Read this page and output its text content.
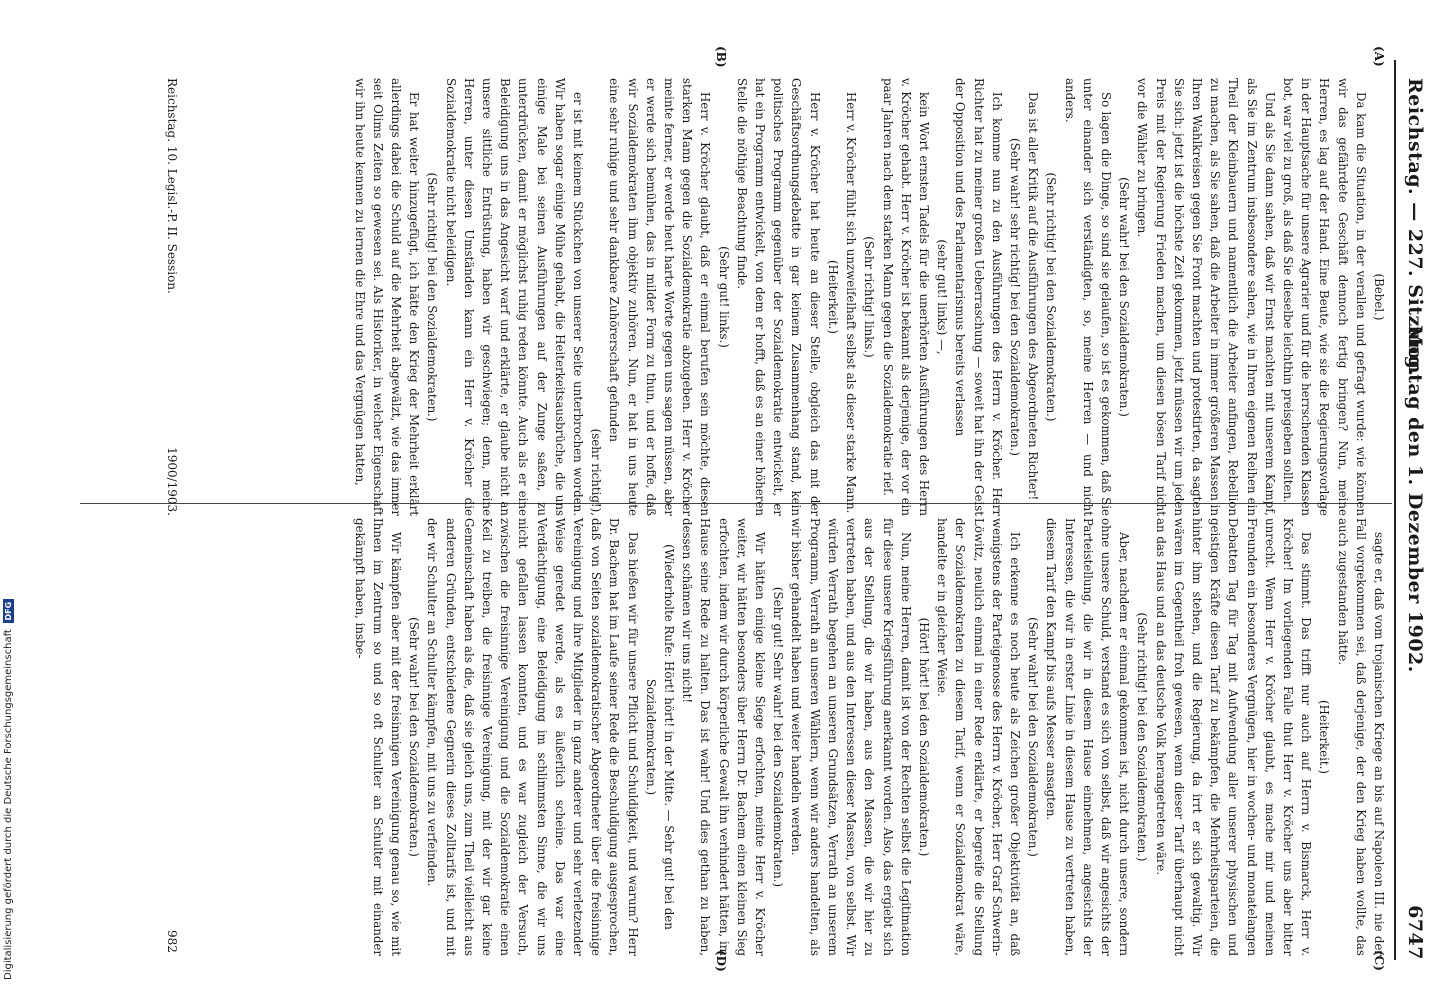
Reichstag. — 227. Sitzung.
Montag den 1. Dezember 1902.
6747
(A)
(B)
(C)
(D)

(Bebel.)

Da kam die Situation, in der verallen und gefragt wurde: wie können wir das gefährdete Geschäft dennoch fertig bringen? Nun, meine Herren, es lag auf der Hand. Eine Beute, wie sie die Regierungsvorlage in der Hauptsache für unsere Agrarier und für die herrschenden Klassen bot, war viel zu groß, als daß Sie dieselbe leichthin preisgeben sollten.

Und als Sie dann sahen, daß wir Ernst machten mit unserem Kampf, als Sie im Zentrum insbesondere sahen, wie in Ihren eigenen Reihen ein Theil der Kleinbauern und namentlich die Arbeiter anfingen, Rebellion zu machen, als Sie sahen, daß die Arbeiter in immer größeren Massen in Ihren Wahlkreisen gegen Sie Front machten und protestirten, da sagten Sie sich: jetzt ist die höchste Zeit gekommen, jetzt müssen wir um jeden Preis mit der Regierung Frieden machen, um diesen bösen Tarif nicht vor die Wähler zu bringen.

(Sehr wahr! bei den Sozialdemokraten.)

So lagen die Dinge, so sind sie gelaufen, so ist es gekommen, daß Sie unter einander sich verständigten, so, meine Herren — und nicht anders.

(Sehr richtig! bei den Sozialdemokraten.)

Das ist aller Kritik auf die Ausführungen des Abgeordneten Richter!

(Sehr wahr! sehr richtig! bei den Sozialdemokraten.)

Ich komme nun zu den Ausführungen des Herrn v. Kröcher. Herr Richter hat zu meiner großen Ueberraschung — soweit hat ihn der Geist der Opposition und des Parlamentarismus bereits verlassen

(sehr gut! links) —,

kein Wort ernsten Tadels für die unerhörten Ausführungen des Herrn v. Kröcher gehabt. Herr v. Kröcher ist bekannt als derjenige, der vor ein paar Jahren nach dem starken Mann gegen die Sozialdemokratie rief.

(Sehr richtig! links.)

Herr v. Kröcher fühlt sich unzweifelhaft selbst als dieser starke Mann.

(Heiterkeit.)

Herr v. Kröcher hat heute an dieser Stelle, obgleich das mit der Geschäftsordnungsdebatte in gar keinem Zusammenhang stand, kein politisches Programm gegenüber der Sozialdemokratie entwickelt, er hat ein Programm entwickelt, von dem er hofft, daß es an einer höheren Stelle die nöthige Beachtung finde.

(Sehr gut! links.)

Herr v. Kröcher glaubt, daß er einmal berufen sein möchte, diesen starken Mann gegen die Sozialdemokratie abzugeben. Herr v. Kröcher meinte ferner, er werde heut harte Worte gegen uns sagen müssen, aber er werde sich bemühen, das in milder Form zu thun, und er hoffe, daß wir Sozialdemokraten ihm objektiv zuhören. Nun, er hat in uns heute eine sehr ruhige und sehr dankbare Zuhörerschaft gefunden

(sehr richtig!),

er ist mit keinem Stückchen von unserer Seite unterbrochen worden. Wir haben sogar einige Mühe gehabt, die Heiterkeitsausbrüche, die uns einige Male bei seinen Ausführungen auf der Zunge saßen, zu unterdrücken, damit er möglichst ruhig reden könnte. Auch als er eine Beleidigung uns in das Angesicht warf und erklärte, er glaube nicht an unsere sittliche Entrüstung, haben wir geschwiegen; denn, meine Herren, unter diesen Umständen kann ein Herr v. Kröcher die Sozialdemokratie nicht beleidigen.

(Sehr richtig! bei den Sozialdemokraten.)

Er hat weiter hinzugefügt, ich hätte den Krieg der Mehrheit erklärt allerdings dabei die Schuld auf die Mehrheit abgewälzt, wie das immer seit Olims Zeiten so gewesen sei. Als Historiker, in welcher Eigenschaft wir ihn heute kennen zu lernen die Ehre und das Vergnügen hatten,

sagte er, daß vom trojanischen Kriege an bis auf Napoleon III. nie der Fall vorgekommen sei, daß derjenige, der den Krieg haben wollte, das auch zugestanden hätte.

(Heiterkeit.)

Das stimmt. Das trifft nur auch auf Herrn v. Bismarck, Herr v. Kröcher! Im vorliegenden Falle thut Herr v. Kröcher uns aber bitter unrecht. Wenn Herr v. Kröcher glaubt, es mache mir und meinen Freunden ein besonderes Vergnügen, hier in wochen- und monatelangen Debatten Tag für Tag mit Aufwendung aller unserer physischen und geistigen Kräfte diesen Tarif zu bekämpfen, die Mehrheitsparteien, die hinter ihm stehen, und die Regierung, da irrt er sich gewaltig. Wir wären im Gegentheil froh gewesen, wenn dieser Tarif überhaupt nicht an das Haus und an das deutsche Volk herangetreten wäre.

(Sehr richtig! bei den Sozialdemokraten.)

Aber, nachdem er einmal gekommen ist, nicht durch unsere, sondern ohne unsere Schuld, verstand es sich von selbst, daß wir angesichts der Parteistellung, die wir in diesem Hause einnehmen, angesichts der Interessen, die wir in erster Linie in diesem Hause zu vertreten haben, diesem Tarif den Kampf bis aufs Messer ansagten.

(Sehr wahr! bei den Sozialdemokraten.)

Ich erkenne es noch heute als Zeichen großer Objektivität an, daß wenigstens der Parteigenosse des Herrn v. Kröcher, Herr Graf Schwerin-Löwitz, neulich einmal in einer Rede erklärte, er begreife die Stellung der Sozialdemokraten zu diesem Tarif, wenn er Sozialdemokrat wäre, handelte er in gleicher Weise.

(Hört! hört! bei den Sozialdemokraten.)

Nun, meine Herren, damit ist von der Rechten selbst die Legitimation für diese unsere Kriegsführung anerkannt worden. Also, das ergiebt sich aus der Stellung, die wir haben, aus den Massen, die wir hier zu vertreten haben, und aus den Interessen dieser Massen, von selbst. Wir würden Verrath begehen an unseren Grundsätzen, Verrath an unserem Programm, Verrath an unseren Wählern, wenn wir anders handelten, als wir bisher gehandelt haben und weiter handeln werden.

(Sehr gut! Sehr wahr! bei den Sozialdemokraten.)

Wir hätten einige kleine Siege erfochten, meinte Herr v. Kröcher weiter, wir hätten besonders über Herrn Dr. Bachem einen kleinen Sieg erfochten, indem wir durch körperliche Gewalt ihn verhindert hätten, im Hause seine Rede zu halten. Das ist wahr! Und dies gethan zu haben, dessen schämen wir uns nicht!

(Wiederholte Rufe: Hört! hört! in der Mitte. — Sehr gut! bei den Sozialdemokraten.)

Das hießen wir für unsere Pflicht und Schuldigkeit, und warum? Herr Dr. Bachem hat im Laufe seiner Rede die Beschuldigung ausgesprochen, daß von Seiten sozialdemokratischer Abgeordneter über die freisinnige Vereinigung und ihre Mitglieder in ganz anderer und sehr verletzender Weise geredet werde, als es äußerlich scheine. Das war eine Verdächtigung, eine Beleidigung im schlimmsten Sinne, die wir uns nicht gefallen lassen konnten, und es war zugleich der Versuch, zwischen die freisinnige Vereinigung und die Sozialdemokratie einen Keil zu treiben, die freisinnige Vereinigung, mit der wir gar keine Gemeinschaft haben als die, daß sie gleich uns, zum Theil vielleicht aus anderen Gründen, entschiedene Gegnerin dieses Zolltarifs ist, und mit der wir Schulter an Schulter kämpfen, mit uns zu verfeinden.

(Sehr wahr! bei den Sozialdemokraten.)

Wir kämpfen aber mit der freisinnigen Vereinigung genau so, wie mit Ihnen im Zentrum so und so oft Schulter an Schulter mit einander gekämpft haben, insbe-

Reichstag. 10. Legisl.-P. II. Session.
1900/1903.
982
Digitalisierung gefördert durch die Deutsche Forschungsgemeinschaft
DFG
